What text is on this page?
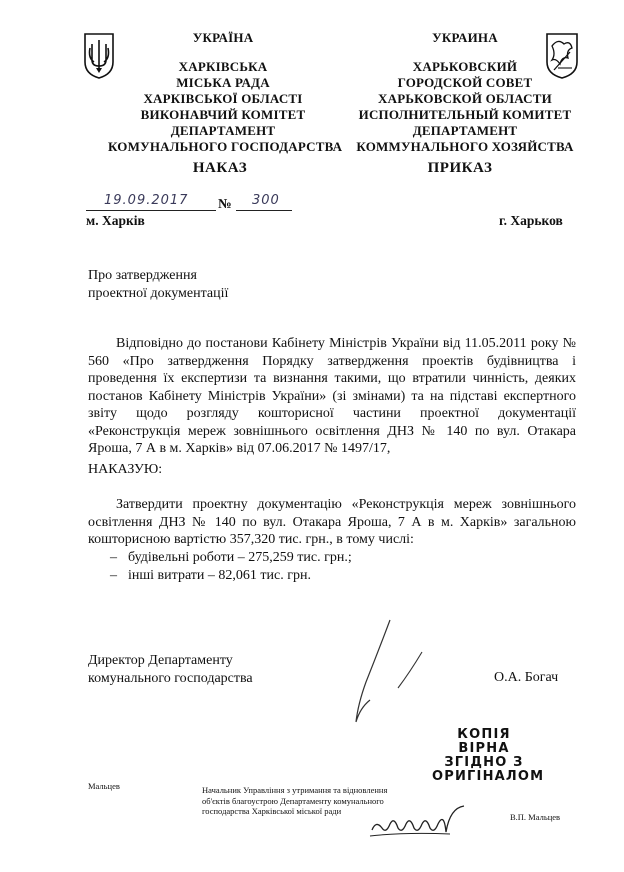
УКРАЇНА
ХАРКІВСЬКА
МІСЬКА РАДА
ХАРКІВСЬКОЇ ОБЛАСТІ
ВИКОНАВЧИЙ КОМІТЕТ
ДЕПАРТАМЕНТ
КОМУНАЛЬНОГО ГОСПОДАРСТВА
УКРАИНА
ХАРЬКОВСКИЙ
ГОРОДСКОЙ СОВЕТ
ХАРЬКОВСКОЙ ОБЛАСТИ
ИСПОЛНИТЕЛЬНЫЙ КОМИТЕТ
ДЕПАРТАМЕНТ
КОММУНАЛЬНОГО ХОЗЯЙСТВА
НАКАЗ	ПРИКАЗ
19.09.2017 № 300
м. Харків	г. Харьков
Про затвердження
проектної документації
Відповідно до постанови Кабінету Міністрів України від 11.05.2011 року № 560 «Про затвердження Порядку затвердження проектів будівництва і проведення їх експертизи та визнання такими, що втратили чинність, деяких постанов Кабінету Міністрів України» (зі змінами) та на підставі експертного звіту щодо розгляду кошторисної частини проектної документації «Реконструкція мереж зовнішнього освітлення ДНЗ № 140 по вул. Отакара Яроша, 7 А в м. Харків» від 07.06.2017 № 1497/17,
НАКАЗУЮ:
Затвердити проектну документацію «Реконструкція мереж зовнішнього освітлення ДНЗ № 140 по вул. Отакара Яроша, 7 А в м. Харків» загальною кошторисною вартістю 357,320 тис. грн., в тому числі:
– будівельні роботи – 275,259 тис. грн.;
– інші витрати – 82,061 тис. грн.
Директор Департаменту
комунального господарства	О.А. Богач
КОПІЯ ВІРНА
ЗГІДНО З
ОРИГІНАЛОМ
Мальцев	Начальник Управління з утримання та відновлення
об'єктів благоустрою Департаменту комунального
господарства Харківської міської ради
В.П. Мальцев
